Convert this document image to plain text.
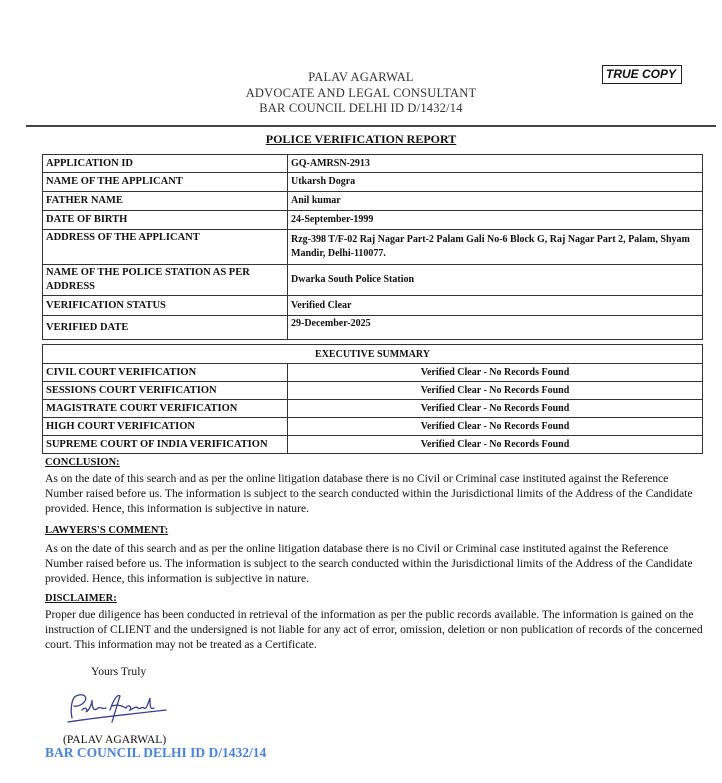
PALAV AGARWAL
ADVOCATE AND LEGAL CONSULTANT
BAR COUNCIL DELHI ID D/1432/14
TRUE COPY
POLICE VERIFICATION REPORT
APPLICATION ID	GQ-AMRSN-2913
NAME OF THE APPLICANT	Utkarsh Dogra
FATHER NAME	Anil kumar
DATE OF BIRTH	24-September-1999
ADDRESS OF THE APPLICANT	Rzg-398 T/F-02 Raj Nagar Part-2 Palam Gali No-6 Block G, Raj Nagar Part 2, Palam, Shyam Mandir, Delhi-110077.
NAME OF THE POLICE STATION AS PER ADDRESS	Dwarka South Police Station
VERIFICATION STATUS	Verified Clear
VERIFIED DATE	29-December-2025
EXECUTIVE SUMMARY	
CIVIL COURT VERIFICATION	Verified Clear - No Records Found
SESSIONS COURT VERIFICATION	Verified Clear - No Records Found
MAGISTRATE COURT VERIFICATION	Verified Clear - No Records Found
HIGH COURT VERIFICATION	Verified Clear - No Records Found
SUPREME COURT OF INDIA VERIFICATION	Verified Clear - No Records Found
CONCLUSION:
As on the date of this search and as per the online litigation database there is no Civil or Criminal case instituted against the Reference Number raised before us. The information is subject to the search conducted within the Jurisdictional limits of the Address of the Candidate provided. Hence, this information is subjective in nature.
LAWYERS'S COMMENT:
As on the date of this search and as per the online litigation database there is no Civil or Criminal case instituted against the Reference Number raised before us. The information is subject to the search conducted within the Jurisdictional limits of the Address of the Candidate provided. Hence, this information is subjective in nature.
DISCLAIMER:
Proper due diligence has been conducted in retrieval of the information as per the public records available. The information is gained on the instruction of CLIENT and the undersigned is not liable for any act of error, omission, deletion or non publication of records of the concerned court. This information may not be treated as a Certificate.
Yours Truly
(PALAV AGARWAL)
BAR COUNCIL DELHI ID D/1432/14
